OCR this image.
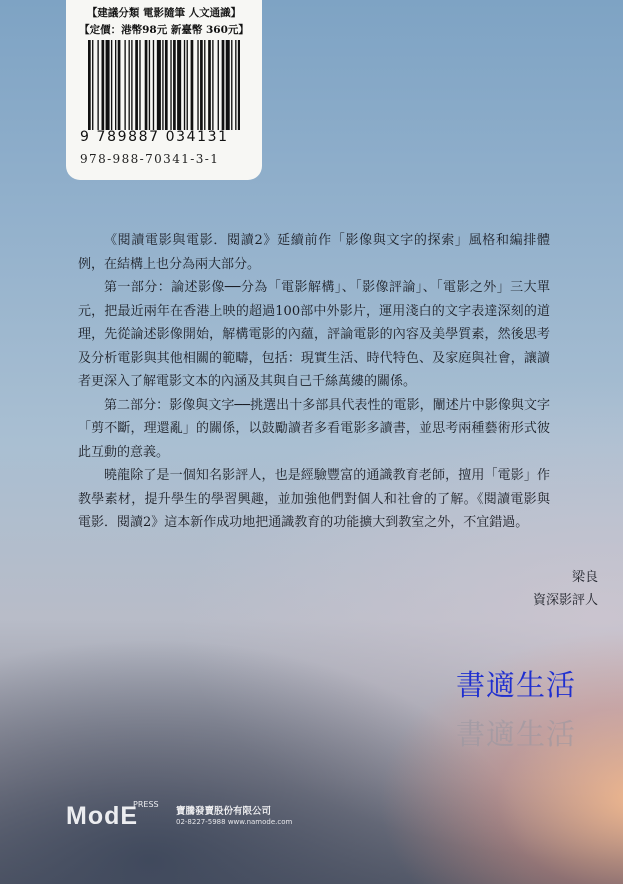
【建議分類 電影隨筆 人文通識】
【定價：港幣98元 新臺幣 360元】
9 789887 034131
978-988-70341-3-1

《閱讀電影與電影．閱讀2》延續前作「影像與文字的探索」風格和編排體例，在結構上也分為兩大部分。

第一部分：論述影像──分為「電影解構」、「影像評論」、「電影之外」三大單元，把最近兩年在香港上映的超過100部中外影片，運用淺白的文字表達深刻的道理，先從論述影像開始，解構電影的內蘊，評論電影的內容及美學質素，然後思考及分析電影與其他相關的範疇，包括：現實生活、時代特色、及家庭與社會，讓讀者更深入了解電影文本的內涵及其與自己千絲萬縷的關係。

第二部分：影像與文字──挑選出十多部具代表性的電影，闡述片中影像與文字「剪不斷，理還亂」的關係，以鼓勵讀者多看電影多讀書，並思考兩種藝術形式彼此互動的意義。

曉龍除了是一個知名影評人，也是經驗豐富的通識教育老師，擅用「電影」作教學素材，提升學生的學習興趣，並加強他們對個人和社會的了解。《閱讀電影與電影．閱讀2》這本新作成功地把通識教育的功能擴大到教室之外，不宜錯過。

梁良
資深影評人
書適生活
書適生活
ModE
PRESS
寶騰發賣股份有限公司
02-8227-5988 www.namode.com
